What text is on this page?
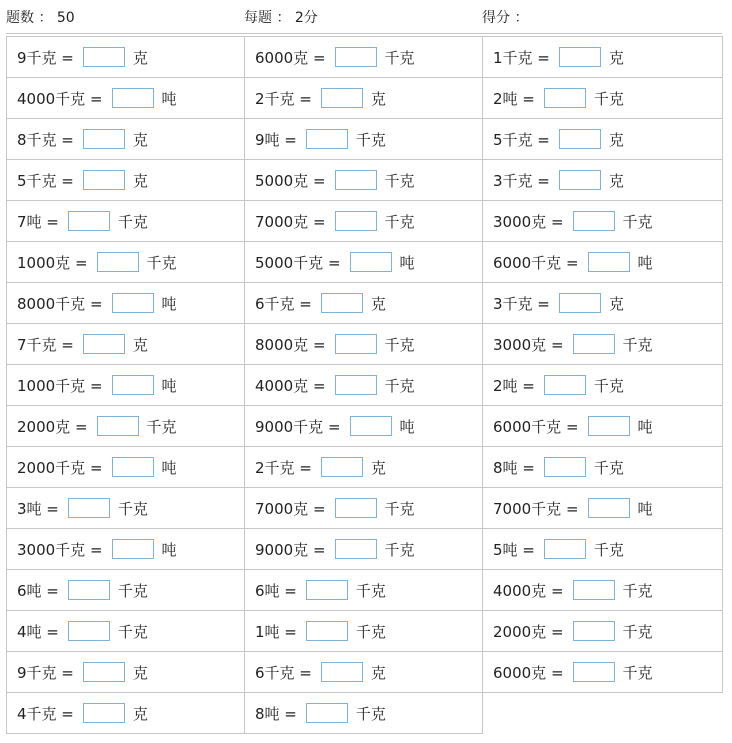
题数 ： 50	每题 ： 2分	得分 ：
9千克 = 克	6000克 = 千克	1千克 = 克
4000千克 = 吨	2千克 = 克	2吨 = 千克
8千克 = 克	9吨 = 千克	5千克 = 克
5千克 = 克	5000克 = 千克	3千克 = 克
7吨 = 千克	7000克 = 千克	3000克 = 千克
1000克 = 千克	5000千克 = 吨	6000千克 = 吨
8000千克 = 吨	6千克 = 克	3千克 = 克
7千克 = 克	8000克 = 千克	3000克 = 千克
1000千克 = 吨	4000克 = 千克	2吨 = 千克
2000克 = 千克	9000千克 = 吨	6000千克 = 吨
2000千克 = 吨	2千克 = 克	8吨 = 千克
3吨 = 千克	7000克 = 千克	7000千克 = 吨
3000千克 = 吨	9000克 = 千克	5吨 = 千克
6吨 = 千克	6吨 = 千克	4000克 = 千克
4吨 = 千克	1吨 = 千克	2000克 = 千克
9千克 = 克	6千克 = 克	6000克 = 千克
4千克 = 克	8吨 = 千克	
